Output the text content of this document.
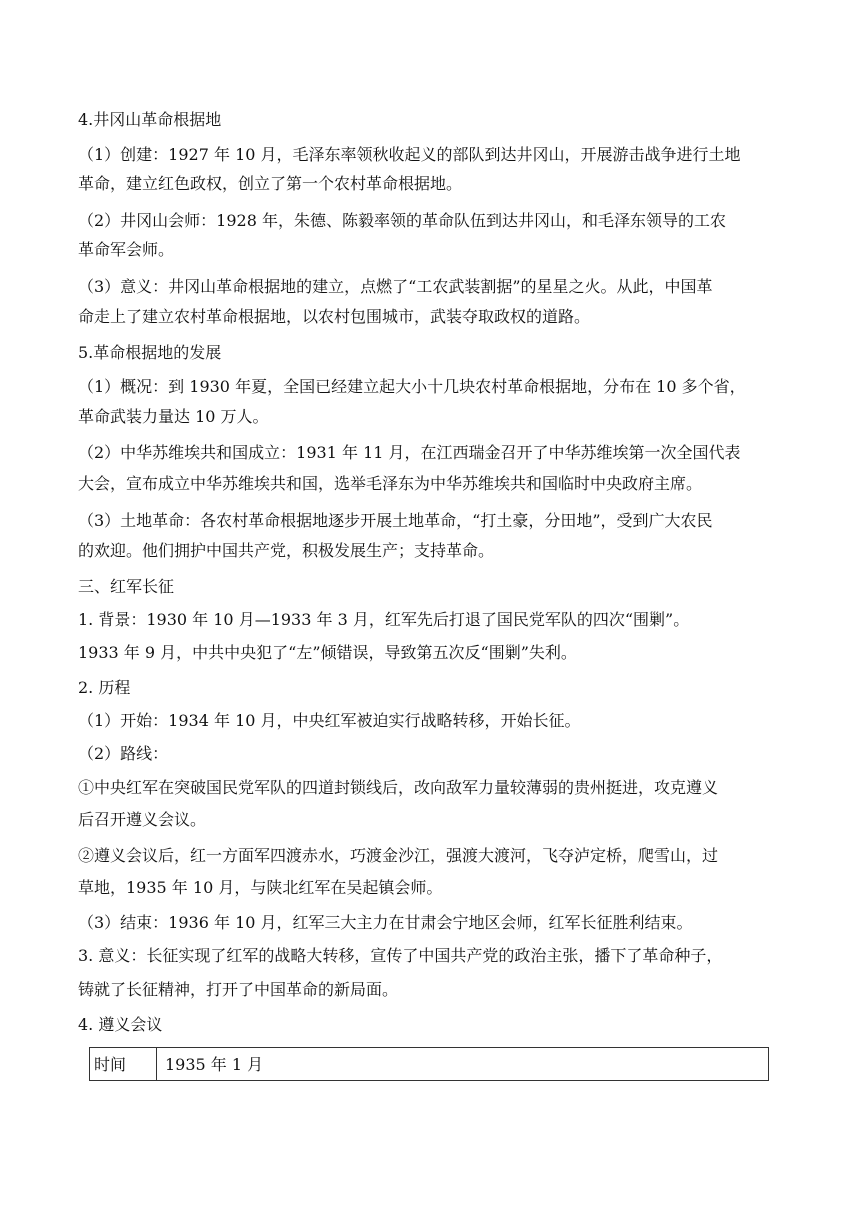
4.井冈山革命根据地
（1）创建：1927 年 10 月，毛泽东率领秋收起义的部队到达井冈山，开展游击战争进行土地
革命，建立红色政权，创立了第一个农村革命根据地。
（2）井冈山会师：1928 年，朱德、陈毅率领的革命队伍到达井冈山，和毛泽东领导的工农
革命军会师。
（3）意义：井冈山革命根据地的建立，点燃了“工农武装割据”的星星之火。从此，中国革
命走上了建立农村革命根据地，以农村包围城市，武装夺取政权的道路。
5.革命根据地的发展
（1）概况：到 1930 年夏，全国已经建立起大小十几块农村革命根据地，分布在 10 多个省，
革命武装力量达 10 万人。
（2）中华苏维埃共和国成立：1931 年 11 月，在江西瑞金召开了中华苏维埃第一次全国代表
大会，宣布成立中华苏维埃共和国，选举毛泽东为中华苏维埃共和国临时中央政府主席。
（3）土地革命：各农村革命根据地逐步开展土地革命，“打土豪，分田地”，受到广大农民
的欢迎。他们拥护中国共产党，积极发展生产；支持革命。
三、红军长征
1. 背景：1930 年 10 月—1933 年 3 月，红军先后打退了国民党军队的四次“围剿”。
1933 年 9 月，中共中央犯了“左”倾错误，导致第五次反“围剿”失利。
2. 历程
（1）开始：1934 年 10 月，中央红军被迫实行战略转移，开始长征。
（2）路线：
①中央红军在突破国民党军队的四道封锁线后，改向敌军力量较薄弱的贵州挺进，攻克遵义
后召开遵义会议。
②遵义会议后，红一方面军四渡赤水，巧渡金沙江，强渡大渡河，飞夺泸定桥，爬雪山，过
草地，1935 年 10 月，与陕北红军在吴起镇会师。
（3）结束：1936 年 10 月，红军三大主力在甘肃会宁地区会师，红军长征胜利结束。
3. 意义：长征实现了红军的战略大转移，宣传了中国共产党的政治主张，播下了革命种子，
铸就了长征精神，打开了中国革命的新局面。
4. 遵义会议
时间	1935 年 1 月
